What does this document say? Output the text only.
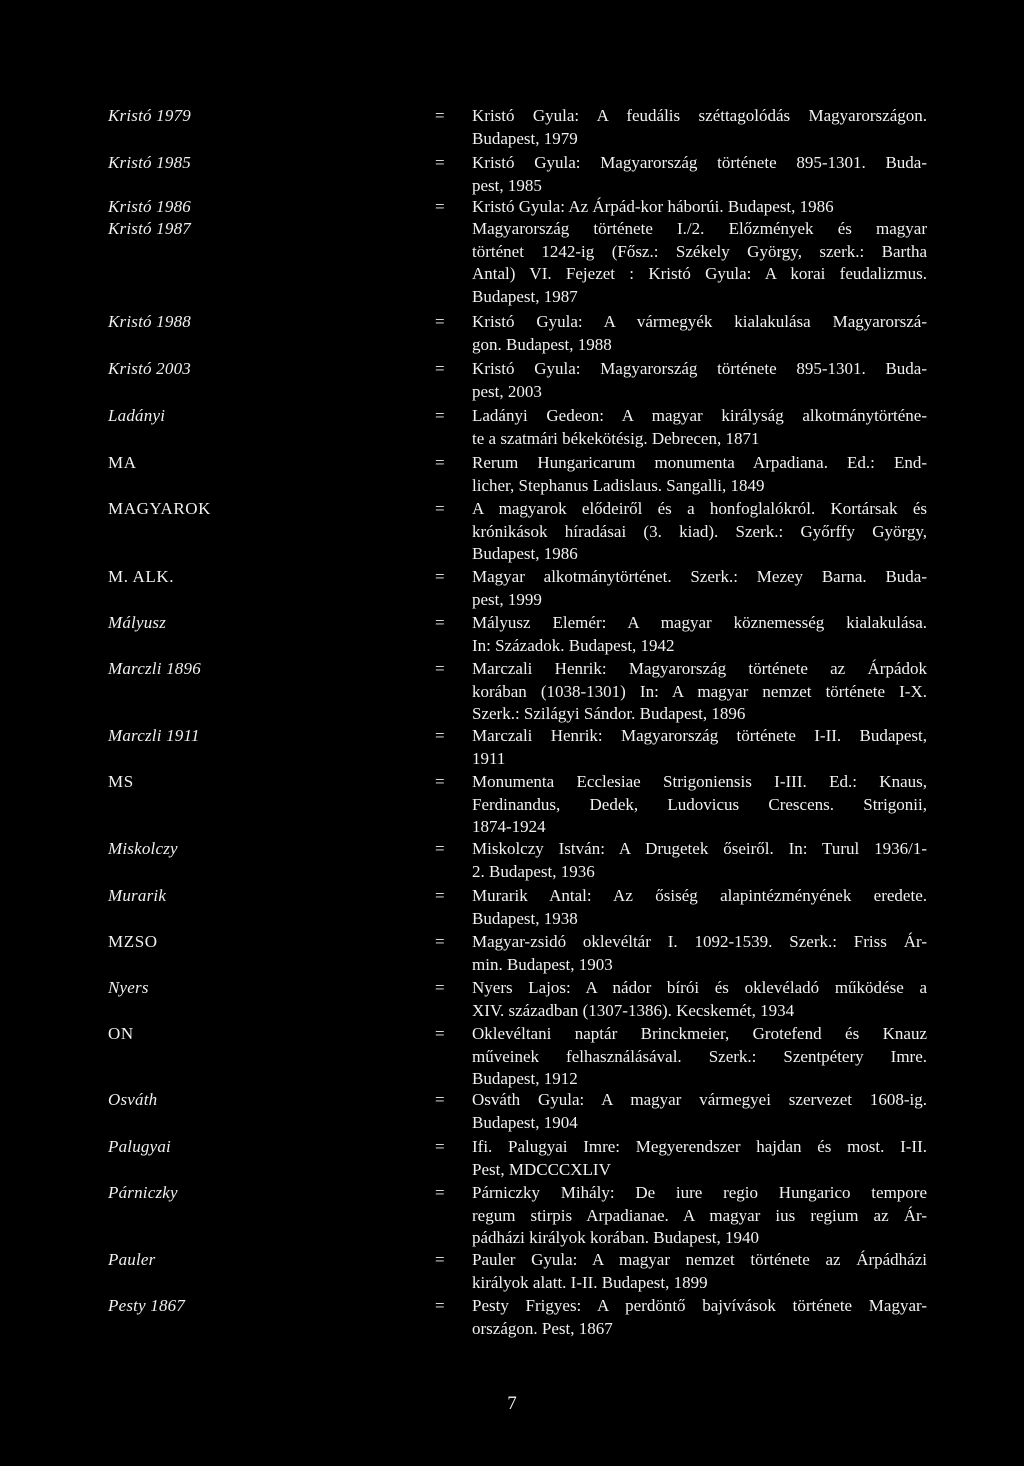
Kristó 1979	= Kristó Gyula: A feudális széttagolódás Magyarországon.
Budapest, 1979
Kristó 1985	= Kristó Gyula: Magyarország története 895-1301. Buda-
pest, 1985
Kristó 1986	= Kristó Gyula: Az Árpád-kor háborúi. Budapest, 1986
Kristó 1987	Magyarország története I./2. Előzmények és magyar
történet 1242-ig (Fősz.: Székely György, szerk.: Bartha
Antal) VI. Fejezet : Kristó Gyula: A korai feudalizmus.
Budapest, 1987
Kristó 1988	= Kristó Gyula: A vármegyék kialakulása Magyarorszá-
gon. Budapest, 1988
Kristó 2003	= Kristó Gyula: Magyarország története 895-1301. Buda-
pest, 2003
Ladányi	= Ladányi Gedeon: A magyar királyság alkotmánytörténe-
te a szatmári békekötésig. Debrecen, 1871
MA	= Rerum Hungaricarum monumenta Arpadiana. Ed.: End-
licher, Stephanus Ladislaus. Sangalli, 1849
MAGYAROK	= A magyarok elődeiről és a honfoglalókról. Kortársak és
krónikások híradásai (3. kiad). Szerk.: Győrffy György,
Budapest, 1986
M. ALK.	= Magyar alkotmánytörténet. Szerk.: Mezey Barna. Buda-
pest, 1999
Mályusz	= Mályusz Elemér: A magyar köznemesség kialakulása.
In: Századok. Budapest, 1942
Marczli 1896	= Marczali Henrik: Magyarország története az Árpádok
korában (1038-1301) In: A magyar nemzet története I-X.
Szerk.: Szilágyi Sándor. Budapest, 1896
Marczli 1911	= Marczali Henrik: Magyarország története I-II. Budapest,
1911
MS	= Monumenta Ecclesiae Strigoniensis I-III. Ed.: Knaus,
Ferdinandus, Dedek, Ludovicus Crescens. Strigonii,
1874-1924
Miskolczy	= Miskolczy István: A Drugetek őseiről. In: Turul 1936/1-
2. Budapest, 1936
Murarik	= Murarik Antal: Az ősiség alapintézményének eredete.
Budapest, 1938
MZSO	= Magyar-zsidó oklevéltár I. 1092-1539. Szerk.: Friss Ár-
min. Budapest, 1903
Nyers	= Nyers Lajos: A nádor bírói és oklevéladó működése a
XIV. században (1307-1386). Kecskemét, 1934
ON	= Oklevéltani naptár Brinckmeier, Grotefend és Knauz
műveinek felhasználásával. Szerk.: Szentpétery Imre.
Budapest, 1912
Osváth	= Osváth Gyula: A magyar vármegyei szervezet 1608-ig.
Budapest, 1904
Palugyai	= Ifi. Palugyai Imre: Megyerendszer hajdan és most. I-II.
Pest, MDCCCXLIV
Párniczky	= Párniczky Mihály: De iure regio Hungarico tempore
regum stirpis Arpadianae. A magyar ius regium az Ár-
pádházi királyok korában. Budapest, 1940
Pauler	= Pauler Gyula: A magyar nemzet története az Árpádházi
királyok alatt. I-II. Budapest, 1899
Pesty 1867	= Pesty Frigyes: A perdöntő bajvívások története Magyar-
országon. Pest, 1867
7
